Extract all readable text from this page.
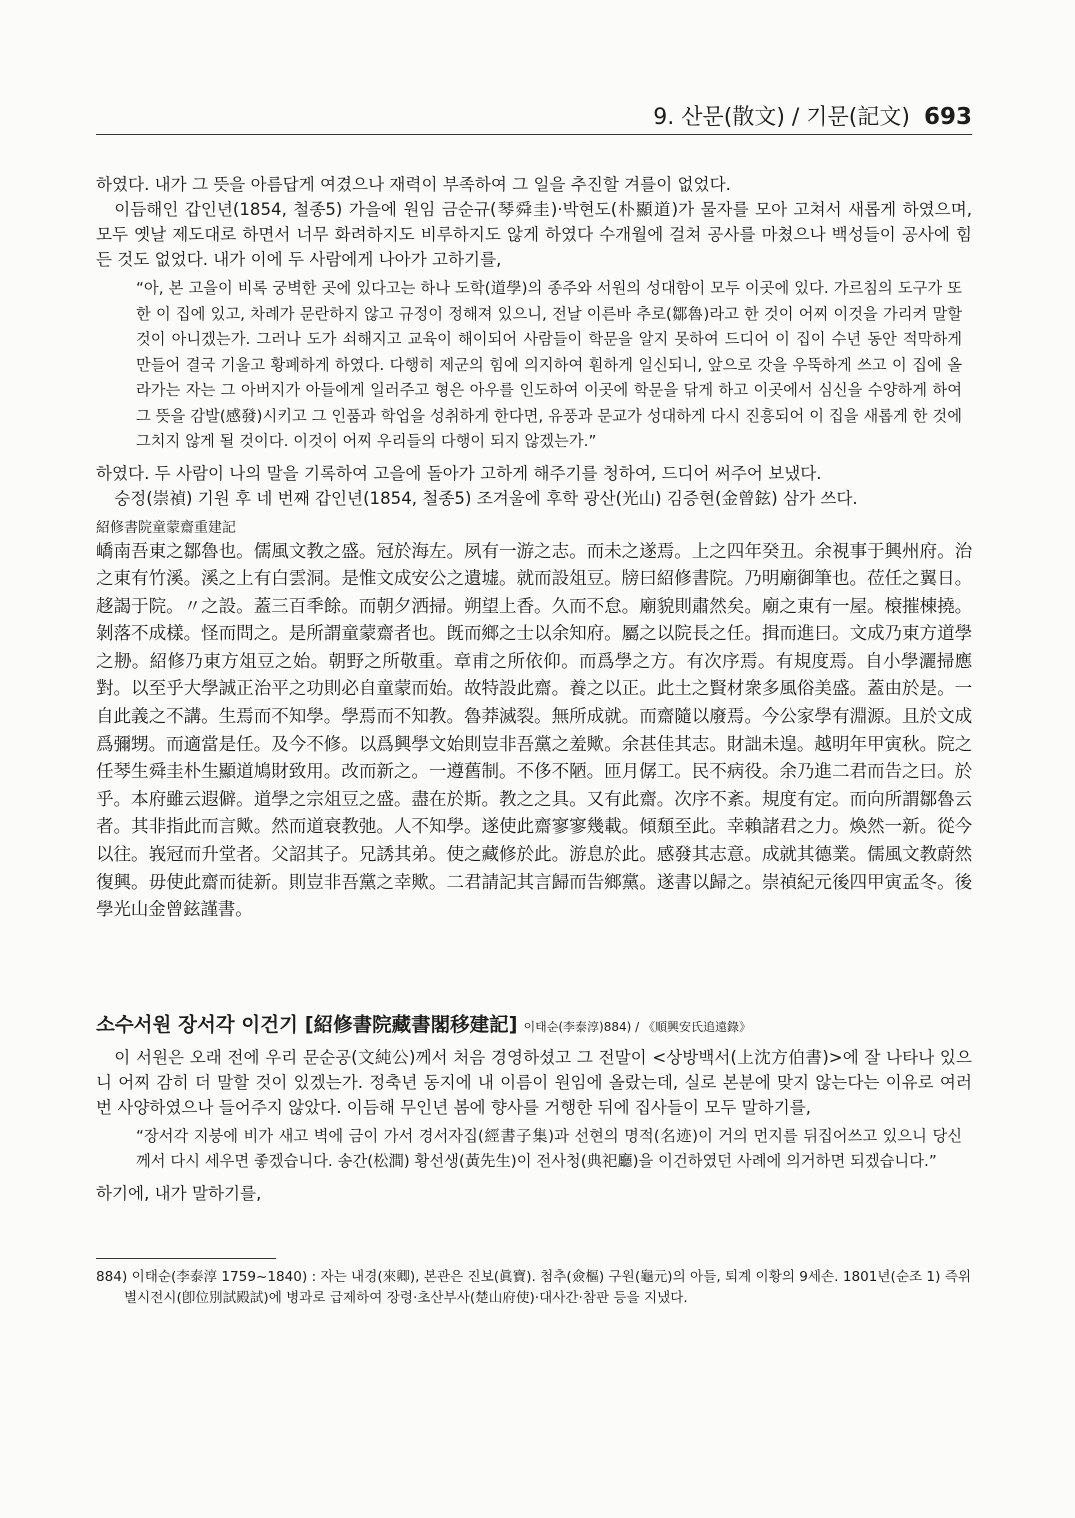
9. 산문(散文) / 기문(記文) 693

하였다. 내가 그 뜻을 아름답게 여겼으나 재력이 부족하여 그 일을 추진할 겨를이 없었다.

이듬해인 갑인년(1854, 철종5) 가을에 원임 금순규(琴舜圭)·박현도(朴顯道)가 물자를 모아 고쳐서 새롭게 하였으며, 모두 옛날 제도대로 하면서 너무 화려하지도 비루하지도 않게 하였다 수개월에 걸쳐 공사를 마쳤으나 백성들이 공사에 힘든 것도 없었다. 내가 이에 두 사람에게 나아가 고하기를,

“아, 본 고을이 비록 궁벽한 곳에 있다고는 하나 도학(道學)의 종주와 서원의 성대함이 모두 이곳에 있다. 가르침의 도구가 또한 이 집에 있고, 차례가 문란하지 않고 규정이 정해져 있으니, 전날 이른바 추로(鄒魯)라고 한 것이 어찌 이것을 가리켜 말할 것이 아니겠는가. 그러나 도가 쇠해지고 교육이 해이되어 사람들이 학문을 알지 못하여 드디어 이 집이 수년 동안 적막하게 만들어 결국 기울고 황폐하게 하였다. 다행히 제군의 힘에 의지하여 훤하게 일신되니, 앞으로 갓을 우뚝하게 쓰고 이 집에 올라가는 자는 그 아버지가 아들에게 일러주고 형은 아우를 인도하여 이곳에 학문을 닦게 하고 이곳에서 심신을 수양하게 하여 그 뜻을 감발(感發)시키고 그 인품과 학업을 성취하게 한다면, 유풍과 문교가 성대하게 다시 진흥되어 이 집을 새롭게 한 것에 그치지 않게 될 것이다. 이것이 어찌 우리들의 다행이 되지 않겠는가.”

하였다. 두 사람이 나의 말을 기록하여 고을에 돌아가 고하게 해주기를 청하여, 드디어 써주어 보냈다.

숭정(崇禎) 기원 후 네 번째 갑인년(1854, 철종5) 조겨울에 후학 광산(光山) 김증현(金曾鉉) 삼가 쓰다.

紹修書院童蒙齋重建記

嶠南吾東之鄒魯也。儒風文教之盛。冠於海左。夙有一游之志。而未之遂焉。上之四年癸丑。余視事于興州府。治之東有竹溪。溪之上有白雲洞。是惟文成安公之遺墟。就而設俎豆。牓曰紹修書院。乃明廟御筆也。莅任之翼日。趍謁于院。〃之設。蓋三百秊餘。而朝夕洒掃。朔望上香。久而不怠。廟貌則肅然矣。廟之東有一屋。榱摧棟撓。剝落不成樣。怪而問之。是所謂童蒙齋者也。旣而鄉之士以余知府。屬之以院長之任。揖而進曰。文成乃東方道學之刱。紹修乃東方俎豆之始。朝野之所敬重。章甫之所依仰。而爲學之方。有次序焉。有規度焉。自小學灑掃應對。以至乎大學誠正治平之功則必自童蒙而始。故特設此齋。養之以正。此土之賢材衆多風俗美盛。蓋由於是。一自此義之不講。生焉而不知學。學焉而不知教。魯莽滅裂。無所成就。而齋隨以廢焉。今公家學有淵源。且於文成爲彌甥。而適當是任。及今不修。以爲興學文始則豈非吾黨之羞歟。余甚佳其志。財詘未遑。越明年甲寅秋。院之任琴生舜圭朴生顯道鳩財致用。改而新之。一遵舊制。不侈不陋。匝月僝工。民不病役。余乃進二君而告之曰。於乎。本府雖云遐僻。道學之宗俎豆之盛。盡在於斯。教之之具。又有此齋。次序不紊。規度有定。而向所謂鄒魯云者。其非指此而言歟。然而道衰教弛。人不知學。遂使此齋寥寥幾載。傾頹至此。幸賴諸君之力。煥然一新。從今以往。峩冠而升堂者。父詔其子。兄誘其弟。使之藏修於此。游息於此。感發其志意。成就其德業。儒風文教蔚然復興。毋使此齋而徒新。則豈非吾黨之幸歟。二君請記其言歸而告鄉黨。遂書以歸之。崇禎紀元後四甲寅孟冬。後學光山金曾鉉謹書。

소수서원 장서각 이건기 [紹修書院藏書閣移建記] 이태순(李泰淳)884) / 《順興安氏追遠錄》

이 서원은 오래 전에 우리 문순공(文純公)께서 처음 경영하셨고 그 전말이 <상방백서(上沈方伯書)>에 잘 나타나 있으니 어찌 감히 더 말할 것이 있겠는가. 정축년 동지에 내 이름이 원임에 올랐는데, 실로 본분에 맞지 않는다는 이유로 여러 번 사양하였으나 들어주지 않았다. 이듬해 무인년 봄에 향사를 거행한 뒤에 집사들이 모두 말하기를,

“장서각 지붕에 비가 새고 벽에 금이 가서 경서자집(經書子集)과 선현의 명적(名迹)이 거의 먼지를 뒤집어쓰고 있으니 당신께서 다시 세우면 좋겠습니다. 송간(松澗) 황선생(黃先生)이 전사청(典祀廳)을 이건하였던 사례에 의거하면 되겠습니다.”

하기에, 내가 말하기를,

884) 이태순(李泰淳 1759~1840) : 자는 내경(來卿), 본관은 진보(眞寶). 첨추(僉樞) 구원(龜元)의 아들, 퇴계 이황의 9세손. 1801년(순조 1) 즉위별시전시(卽位別試殿試)에 병과로 급제하여 장령·초산부사(楚山府使)·대사간·참판 등을 지냈다.
